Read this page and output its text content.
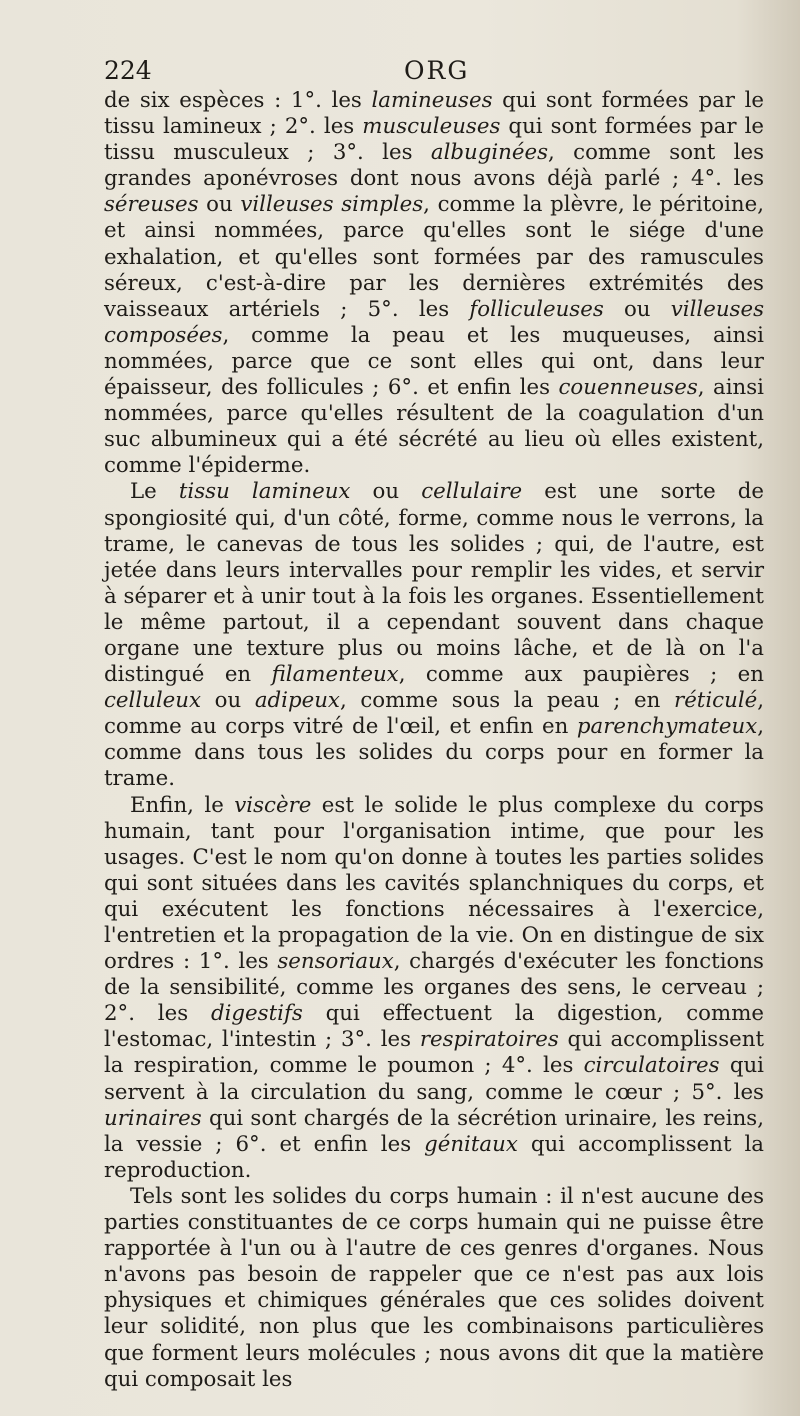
224	ORG

de six espèces : 1°. les lamineuses qui sont formées par le tissu lamineux ; 2°. les musculeuses qui sont formées par le tissu musculeux ; 3°. les albuginées, comme sont les grandes aponévroses dont nous avons déjà parlé ; 4°. les séreuses ou villeuses simples, comme la plèvre, le péritoine, et ainsi nommées, parce qu'elles sont le siége d'une exhalation, et qu'elles sont formées par des ramuscules séreux, c'est-à-dire par les dernières extrémités des vaisseaux artériels ; 5°. les folliculeuses ou villeuses composées, comme la peau et les muqueuses, ainsi nommées, parce que ce sont elles qui ont, dans leur épaisseur, des follicules ; 6°. et enfin les couenneuses, ainsi nommées, parce qu'elles résultent de la coagulation d'un suc albumineux qui a été sécrété au lieu où elles existent, comme l'épiderme.

Le tissu lamineux ou cellulaire est une sorte de spongiosité qui, d'un côté, forme, comme nous le verrons, la trame, le canevas de tous les solides ; qui, de l'autre, est jetée dans leurs intervalles pour remplir les vides, et servir à séparer et à unir tout à la fois les organes. Essentiellement le même partout, il a cependant souvent dans chaque organe une texture plus ou moins lâche, et de là on l'a distingué en filamenteux, comme aux paupières ; en celluleux ou adipeux, comme sous la peau ; en réticulé, comme au corps vitré de l'œil, et enfin en parenchymateux, comme dans tous les solides du corps pour en former la trame.

Enfin, le viscère est le solide le plus complexe du corps humain, tant pour l'organisation intime, que pour les usages. C'est le nom qu'on donne à toutes les parties solides qui sont situées dans les cavités splanchniques du corps, et qui exécutent les fonctions nécessaires à l'exercice, l'entretien et la propagation de la vie. On en distingue de six ordres : 1°. les sensoriaux, chargés d'exécuter les fonctions de la sensibilité, comme les organes des sens, le cerveau ; 2°. les digestifs qui effectuent la digestion, comme l'estomac, l'intestin ; 3°. les respiratoires qui accomplissent la respiration, comme le poumon ; 4°. les circulatoires qui servent à la circulation du sang, comme le cœur ; 5°. les urinaires qui sont chargés de la sécrétion urinaire, les reins, la vessie ; 6°. et enfin les génitaux qui accomplissent la reproduction.

Tels sont les solides du corps humain : il n'est aucune des parties constituantes de ce corps humain qui ne puisse être rapportée à l'un ou à l'autre de ces genres d'organes. Nous n'avons pas besoin de rappeler que ce n'est pas aux lois physiques et chimiques générales que ces solides doivent leur solidité, non plus que les combinaisons particulières que forment leurs molécules ; nous avons dit que la matière qui composait les
